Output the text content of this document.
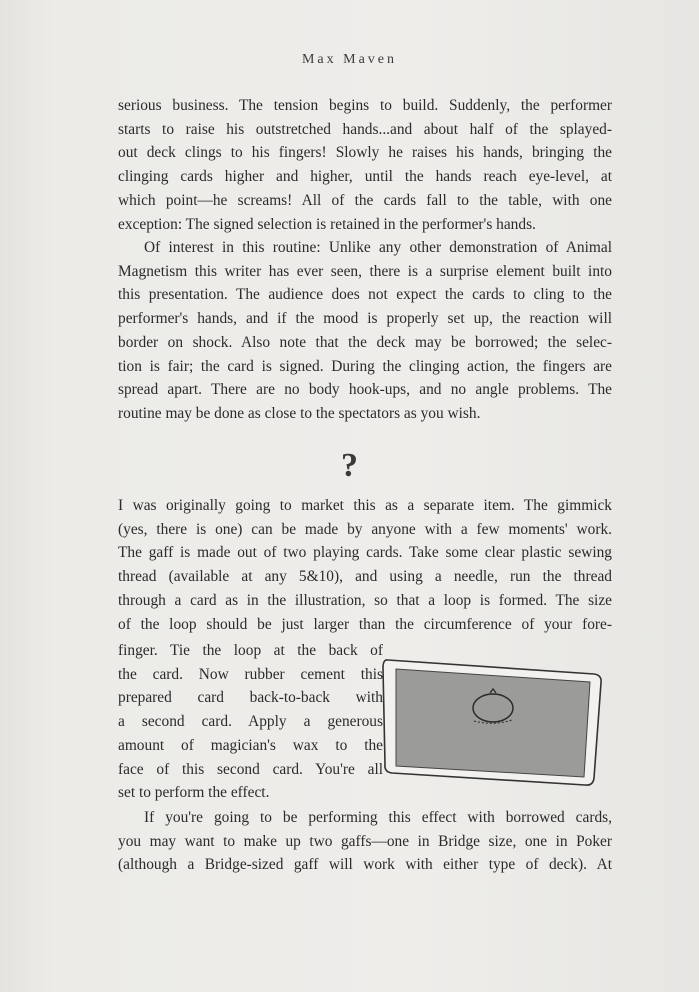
Max Maven
serious business. The tension begins to build. Suddenly, the performer
starts to raise his outstretched hands...and about half of the splayed-
out deck clings to his fingers! Slowly he raises his hands, bringing the
clinging cards higher and higher, until the hands reach eye-level, at
which point—he screams! All of the cards fall to the table, with one
exception: The signed selection is retained in the performer's hands.
Of interest in this routine: Unlike any other demonstration of Animal
Magnetism this writer has ever seen, there is a surprise element built into
this presentation. The audience does not expect the cards to cling to the
performer's hands, and if the mood is properly set up, the reaction will
border on shock. Also note that the deck may be borrowed; the selec-
tion is fair; the card is signed. During the clinging action, the fingers are
spread apart. There are no body hook-ups, and no angle problems. The
routine may be done as close to the spectators as you wish.
?
I was originally going to market this as a separate item. The gimmick
(yes, there is one) can be made by anyone with a few moments' work.
The gaff is made out of two playing cards. Take some clear plastic sewing
thread (available at any 5&10), and using a needle, run the thread
through a card as in the illustration, so that a loop is formed. The size
of the loop should be just larger than the circumference of your fore-
finger. Tie the loop at the back of
the card. Now rubber cement this
prepared card back-to-back with
a second card. Apply a generous
amount of magician's wax to the
face of this second card. You're all
set to perform the effect.
If you're going to be performing this effect with borrowed cards,
you may want to make up two gaffs—one in Bridge size, one in Poker
(although a Bridge-sized gaff will work with either type of deck). At
